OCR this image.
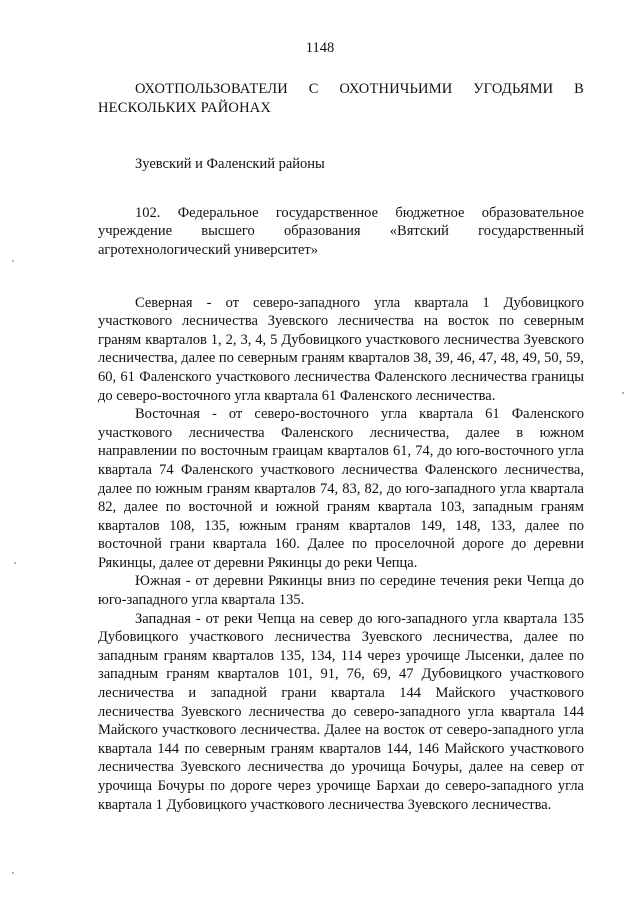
1148
ОХОТПОЛЬЗОВАТЕЛИ С ОХОТНИЧЬИМИ УГОДЬЯМИ В
НЕСКОЛЬКИХ РАЙОНАХ

Зуевский и Фаленский районы

102. Федеральное государственное бюджетное образовательное
учреждение высшего образования «Вятский государственный
агротехнологический университет»

Северная - от северо-западного угла квартала 1 Дубовицкого участкового лесничества Зуевского лесничества на восток по северным граням кварталов 1, 2, 3, 4, 5 Дубовицкого участкового лесничества Зуевского лесничества, далее по северным граням кварталов 38, 39, 46, 47, 48, 49, 50, 59, 60, 61 Фаленского участкового лесничества Фаленского лесничества границы до северо-восточного угла квартала 61 Фаленского лесничества.

Восточная - от северо-восточного угла квартала 61 Фаленского участкового лесничества Фаленского лесничества, далее в южном направлении по восточным граицам кварталов 61, 74, до юго-восточного угла квартала 74 Фаленского участкового лесничества Фаленского лесничества, далее по южным граням кварталов 74, 83, 82, до юго-западного угла квартала 82, далее по восточной и южной граням квартала 103, западным граням кварталов 108, 135, южным граням кварталов 149, 148, 133, далее по восточной грани квартала 160. Далее по проселочной дороге до деревни Рякинцы, далее от деревни Рякинцы до реки Чепца.

Южная - от деревни Рякинцы вниз по середине течения реки Чепца до юго-западного угла квартала 135.

Западная - от реки Чепца на север до юго-западного угла квартала 135 Дубовицкого участкового лесничества Зуевского лесничества, далее по западным граням кварталов 135, 134, 114 через урочище Лысенки, далее по западным граням кварталов 101, 91, 76, 69, 47 Дубовицкого участкового лесничества и западной грани квартала 144 Майского участкового лесничества Зуевского лесничества до северо-западного угла квартала 144 Майского участкового лесничества. Далее на восток от северо-западного угла квартала 144 по северным граням кварталов 144, 146 Майского участкового лесничества Зуевского лесничества до урочища Бочуры, далее на север от урочища Бочуры по дороге через урочище Бархаи до северо-западного угла квартала 1 Дубовицкого участкового лесничества Зуевского лесничества.
